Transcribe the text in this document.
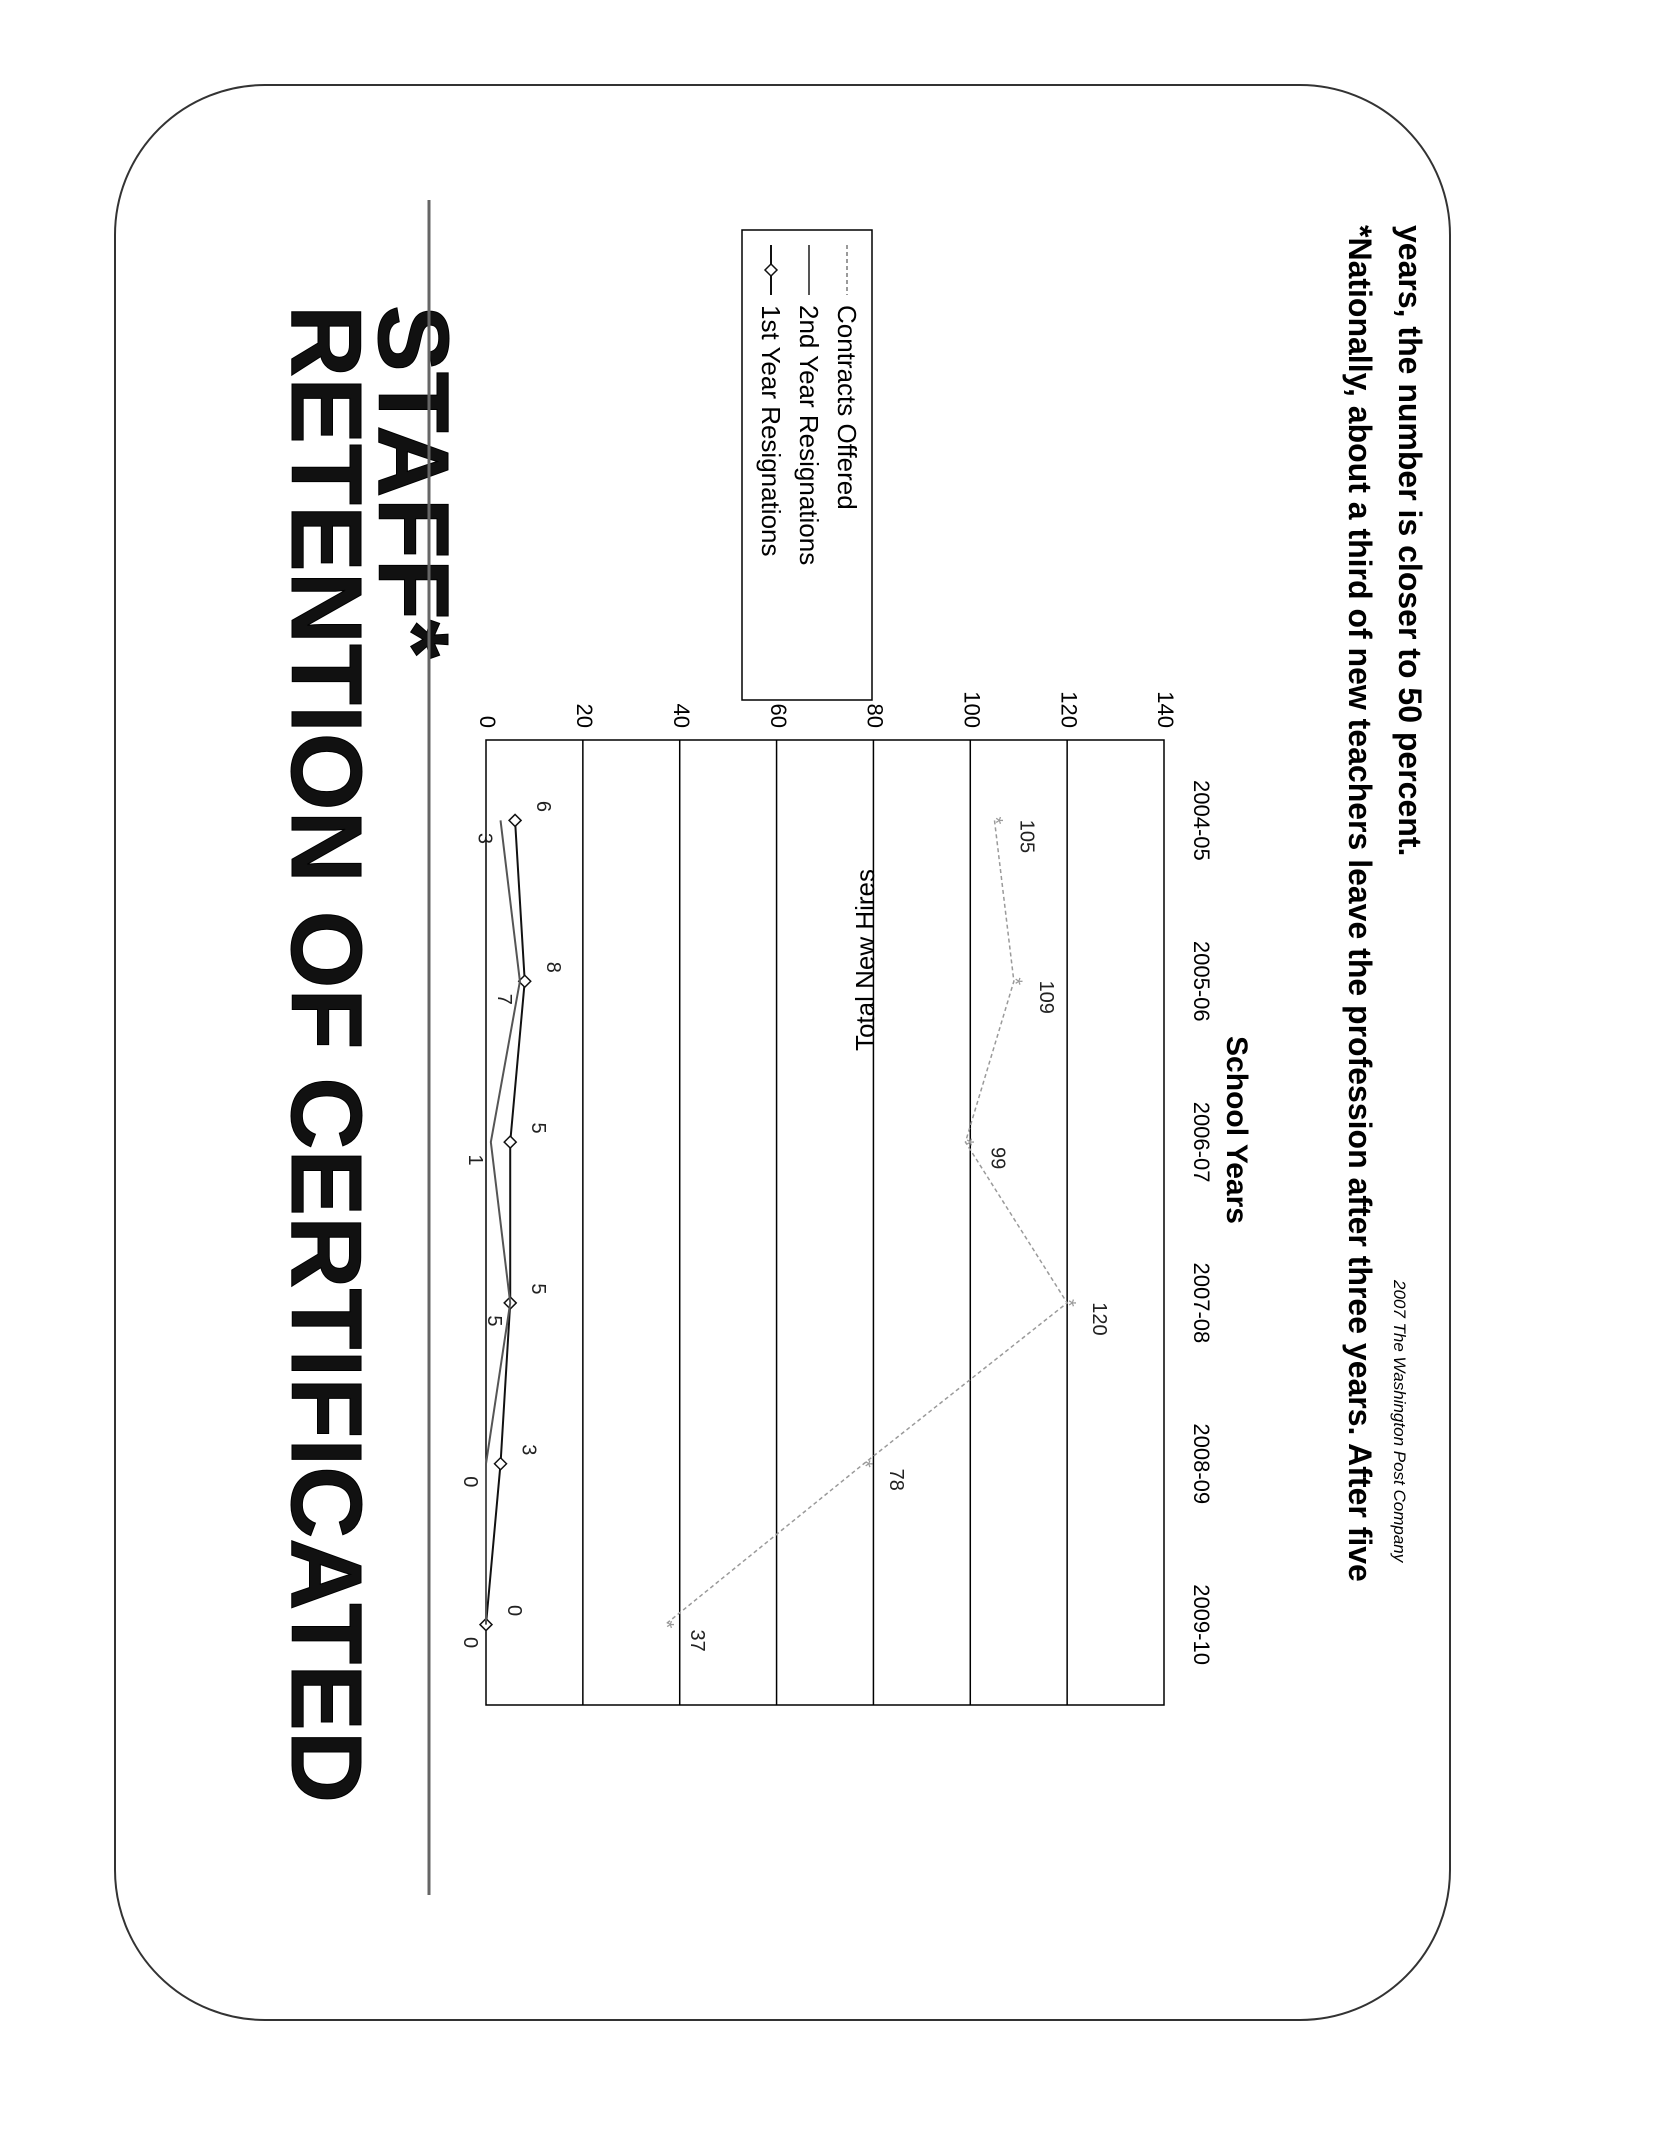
RETENTION OF CERTIFICATED
STAFF*
0	20	40	60	80	100	120	140
2004-05
2005-06
2006-07
2007-08
2008-09
2009-10
6
8
5
5
3
0
3
7
1
5
0
0
* 105
* 109
*
99
* 120
*
78
*
37
Total New Hires
School Years
1st Year Resignations 2nd Year Resignations Contracts Offered	*Nationally, about a third of new teachers leave the profession after three years. After five years, the number is closer to 50 percent.
2007 The Washington Post Company
